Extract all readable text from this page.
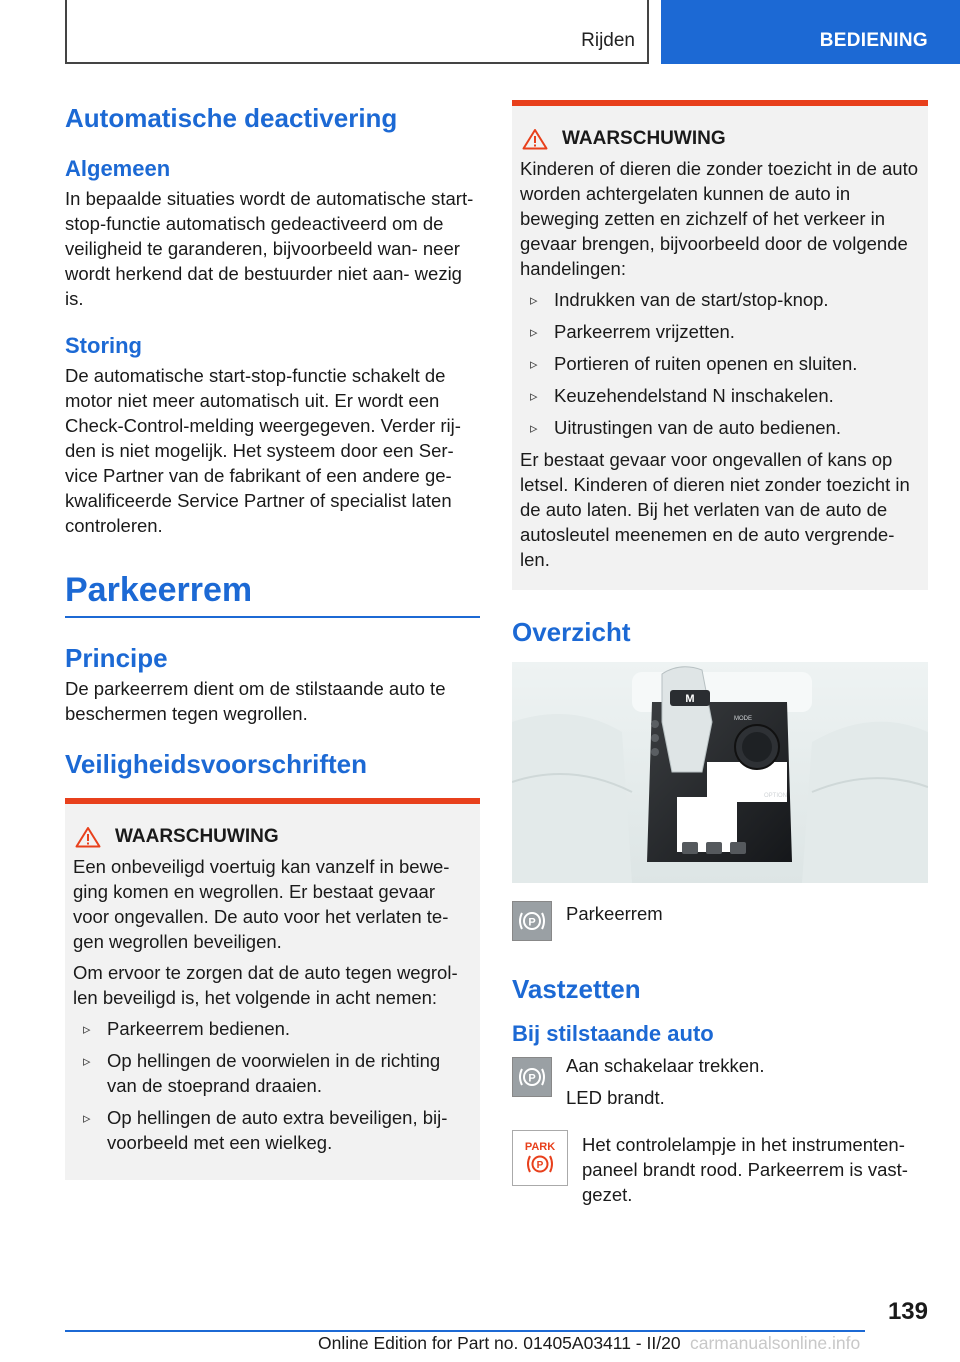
Rijden	BEDIENING
Automatische deactivering
Algemeen

In bepaalde situaties wordt de automatische start-stop-functie automatisch gedeactiveerd om de veiligheid te garanderen, bijvoorbeeld wan‐ neer wordt herkend dat de bestuurder niet aan‐ wezig is.

Storing

De automatische start-stop-functie schakelt de motor niet meer automatisch uit. Er wordt een Check-Control-melding weergegeven. Verder rij‐ den is niet mogelijk. Het systeem door een Ser‐ vice Partner van de fabrikant of een andere ge‐ kwalificeerde Service Partner of specialist laten controleren.

Parkeerrem
Principe

De parkeerrem dient om de stilstaande auto te beschermen tegen wegrollen.

Veiligheidsvoorschriften
WAARSCHUWING

Een onbeveiligd voertuig kan vanzelf in bewe‐ ging komen en wegrollen. Er bestaat gevaar voor ongevallen. De auto voor het verlaten te‐ gen wegrollen beveiligen.

Om ervoor te zorgen dat de auto tegen wegrol‐ len beveiligd is, het volgende in acht nemen:

▹ Parkeerrem bedienen.
▹ Op hellingen de voorwielen in de richting van de stoeprand draaien.
▹ Op hellingen de auto extra beveiligen, bij‐ voorbeeld met een wielkeg.
WAARSCHUWING

Kinderen of dieren die zonder toezicht in de auto worden achtergelaten kunnen de auto in beweging zetten en zichzelf of het verkeer in gevaar brengen, bijvoorbeeld door de volgende handelingen:

▹ Indrukken van de start/stop-knop.
▹ Parkeerrem vrijzetten.
▹ Portieren of ruiten openen en sluiten.
▹ Keuzehendelstand N inschakelen.
▹ Uitrustingen van de auto bedienen.

Er bestaat gevaar voor ongevallen of kans op letsel. Kinderen of dieren niet zonder toezicht in de auto laten. Bij het verlaten van de auto de autosleutel meenemen en de auto vergrende‐ len.

Overzicht
M
MODE
OPTION
P Parkeerrem

Vastzetten
Bij stilstaande auto
P

Aan schakelaar trekken.

LED brandt.

PARK
P

Het controlelampje in het instrumenten‐ paneel brandt rood. Parkeerrem is vast‐ gezet.

139
Online Edition for Part no. 01405A03411 - II/20 carmanualsonline.info
